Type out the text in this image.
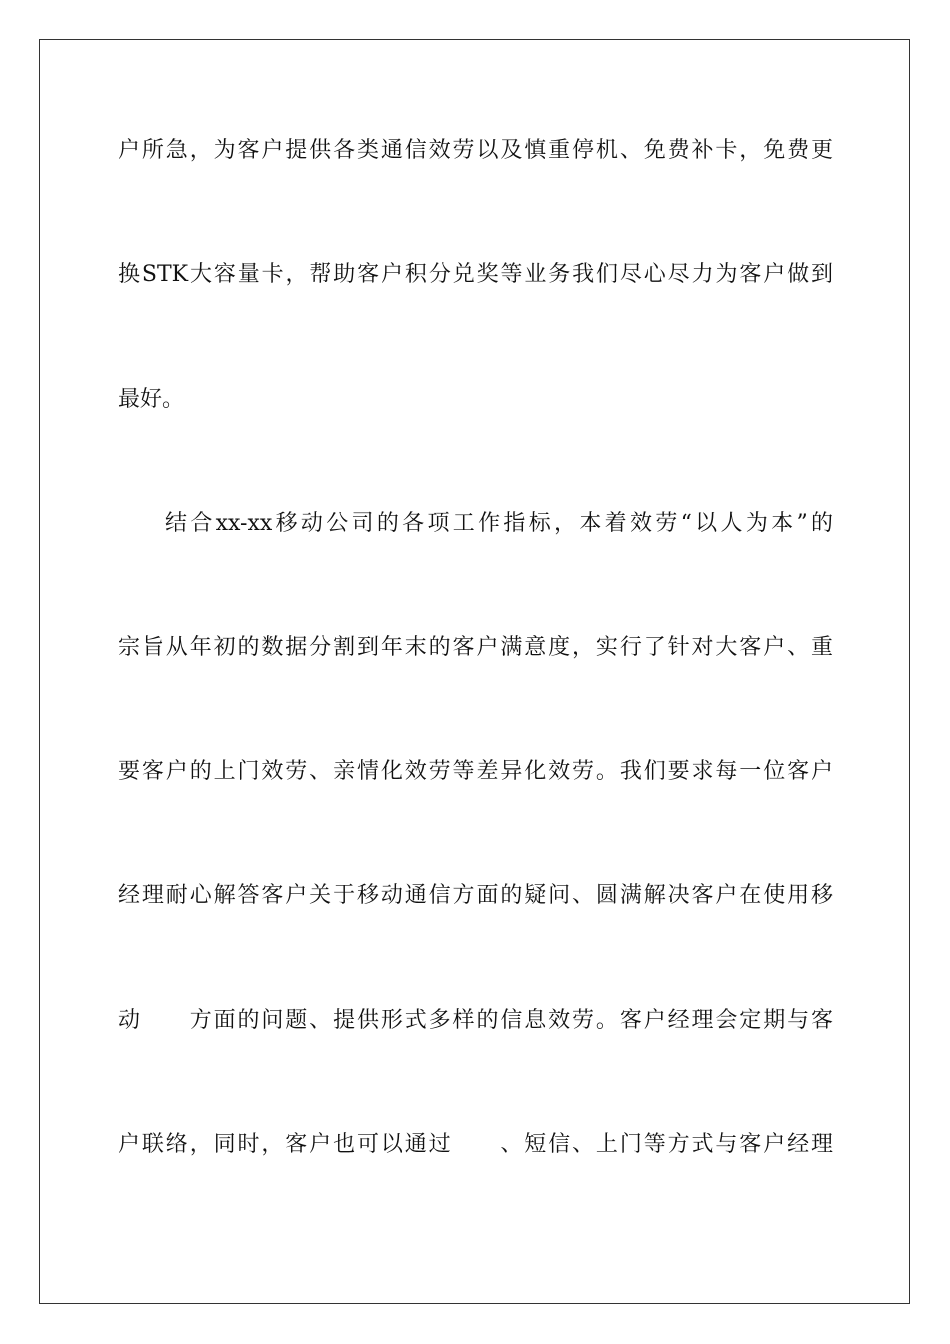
户所急，为客户提供各类通信效劳以及慎重停机、免费补卡，免费更
换STK大容量卡，帮助客户积分兑奖等业务我们尽心尽力为客户做到
最好。
结合xx-xx移动公司的各项工作指标，本着效劳“以人为本”的
宗旨从年初的数据分割到年末的客户满意度，实行了针对大客户、重
要客户的上门效劳、亲情化效劳等差异化效劳。我们要求每一位客户
经理耐心解答客户关于移动通信方面的疑问、圆满解决客户在使用移
动　　方面的问题、提供形式多样的信息效劳。客户经理会定期与客
户联络，同时，客户也可以通过　　、短信、上门等方式与客户经理
